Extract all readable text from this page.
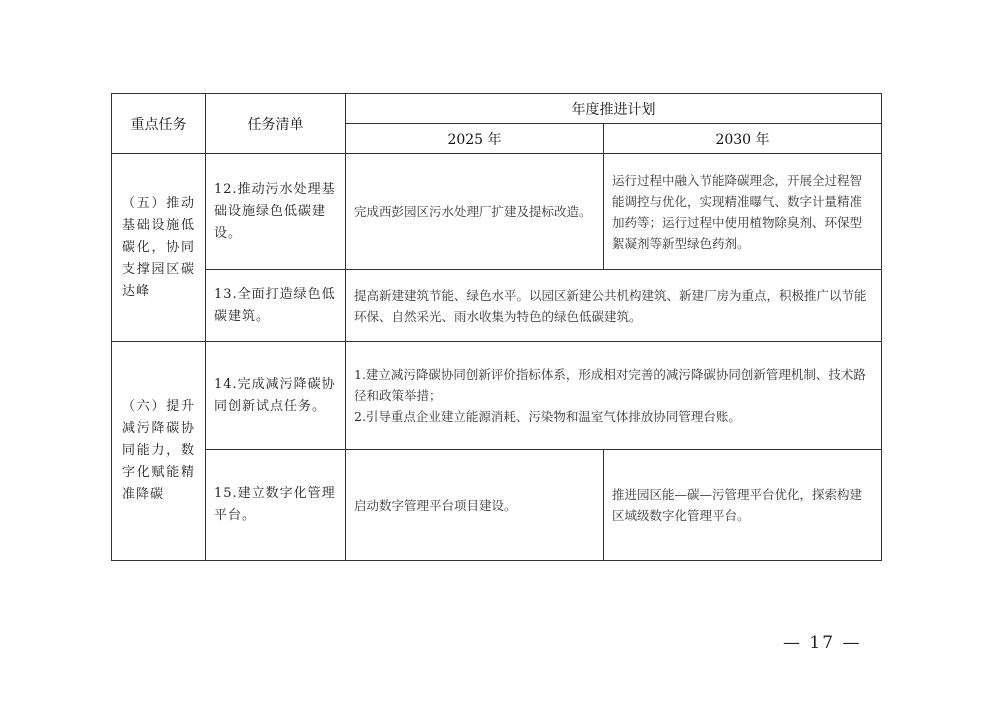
重点任务	任务清单	年度推进计划	
		2025 年	2030 年
（五）推动基础设施低碳化，协同支撑园区碳达峰	12.推动污水处理基础设施绿色低碳建设。	完成西彭园区污水处理厂扩建及提标改造。	运行过程中融入节能降碳理念，开展全过程智能调控与优化，实现精准曝气、数字计量精准加药等；运行过程中使用植物除臭剂、环保型絮凝剂等新型绿色药剂。
	13.全面打造绿色低碳建筑。	提高新建建筑节能、绿色水平。以园区新建公共机构建筑、新建厂房为重点，积极推广以节能环保、自然采光、雨水收集为特色的绿色低碳建筑。	
（六）提升减污降碳协同能力，数字化赋能精准降碳	14.完成减污降碳协同创新试点任务。	1.建立减污降碳协同创新评价指标体系，形成相对完善的减污降碳协同创新管理机制、技术路径和政策举措；
2.引导重点企业建立能源消耗、污染物和温室气体排放协同管理台账。	

	15.建立数字化管理平台。	启动数字管理平台项目建设。	推进园区能—碳—污管理平台优化，探索构建区域级数字化管理平台。
— 17 —
